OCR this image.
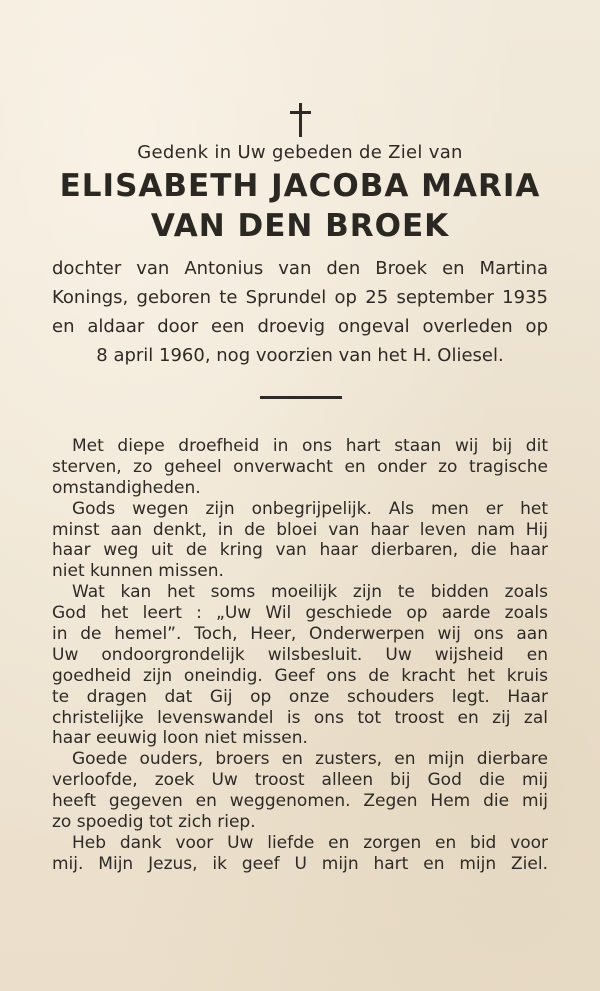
Gedenk in Uw gebeden de Ziel van
ELISABETH JACOBA MARIA
VAN DEN BROEK
dochter van Antonius van den Broek en Martina
Konings, geboren te Sprundel op 25 september 1935
en aldaar door een droevig ongeval overleden op
8 april 1960, nog voorzien van het H. Oliesel.
Met diepe droefheid in ons hart staan wij bij dit
sterven, zo geheel onverwacht en onder zo tragische
omstandigheden.
Gods wegen zijn onbegrijpelijk. Als men er het
minst aan denkt, in de bloei van haar leven nam Hij
haar weg uit de kring van haar dierbaren, die haar
niet kunnen missen.
Wat kan het soms moeilijk zijn te bidden zoals
God het leert : „Uw Wil geschiede op aarde zoals
in de hemel”. Toch, Heer, Onderwerpen wij ons aan
Uw ondoorgrondelijk wilsbesluit. Uw wijsheid en
goedheid zijn oneindig. Geef ons de kracht het kruis
te dragen dat Gij op onze schouders legt. Haar
christelijke levenswandel is ons tot troost en zij zal
haar eeuwig loon niet missen.
Goede ouders, broers en zusters, en mijn dierbare
verloofde, zoek Uw troost alleen bij God die mij
heeft gegeven en weggenomen. Zegen Hem die mij
zo spoedig tot zich riep.
Heb dank voor Uw liefde en zorgen en bid voor
mij. Mijn Jezus, ik geef U mijn hart en mijn Ziel.
